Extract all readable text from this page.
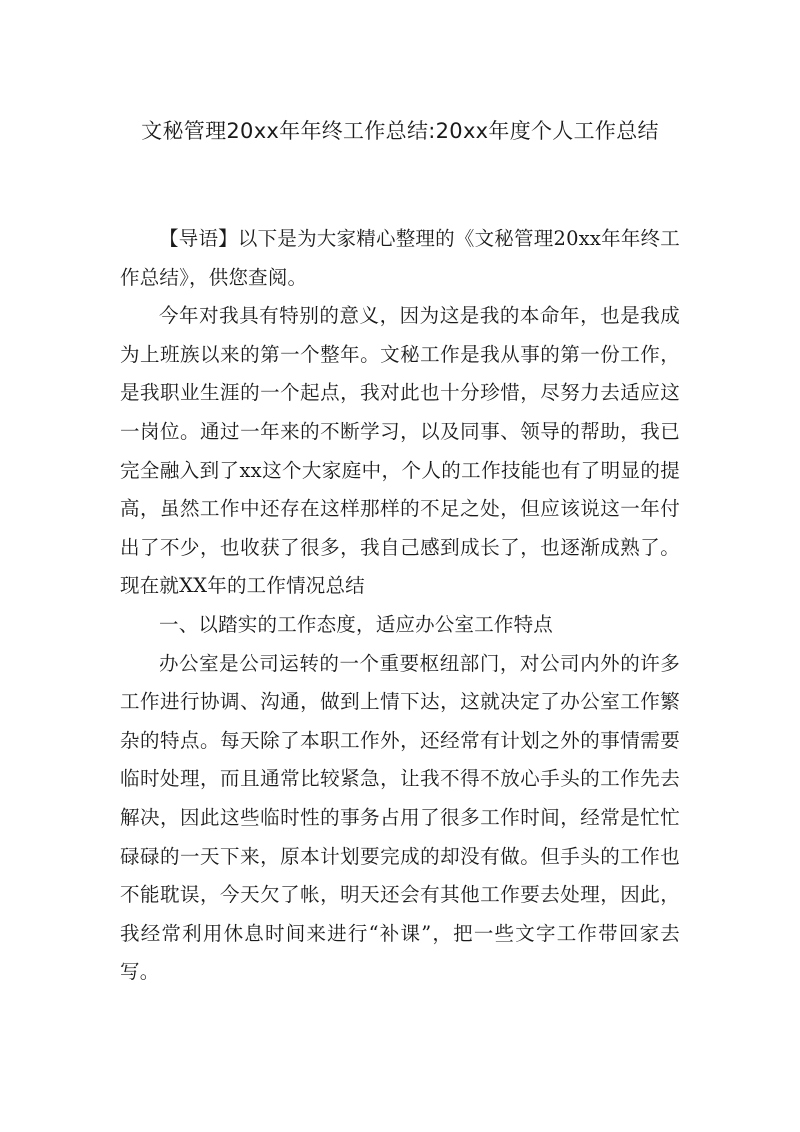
文秘管理20xx年年终工作总结:20xx年度个人工作总结

【导语】以下是为大家精心整理的《文秘管理20xx年年终工作总结》，供您查阅。

今年对我具有特别的意义，因为这是我的本命年，也是我成为上班族以来的第一个整年。文秘工作是我从事的第一份工作，是我职业生涯的一个起点，我对此也十分珍惜，尽努力去适应这一岗位。通过一年来的不断学习，以及同事、领导的帮助，我已完全融入到了xx这个大家庭中，个人的工作技能也有了明显的提高，虽然工作中还存在这样那样的不足之处，但应该说这一年付出了不少，也收获了很多，我自己感到成长了，也逐渐成熟了。现在就XX年的工作情况总结

一、以踏实的工作态度，适应办公室工作特点

办公室是公司运转的一个重要枢纽部门，对公司内外的许多工作进行协调、沟通，做到上情下达，这就决定了办公室工作繁杂的特点。每天除了本职工作外，还经常有计划之外的事情需要临时处理，而且通常比较紧急，让我不得不放心手头的工作先去解决，因此这些临时性的事务占用了很多工作时间，经常是忙忙碌碌的一天下来，原本计划要完成的却没有做。但手头的工作也不能耽误，今天欠了帐，明天还会有其他工作要去处理，因此，我经常利用休息时间来进行“补课”，把一些文字工作带回家去写。
